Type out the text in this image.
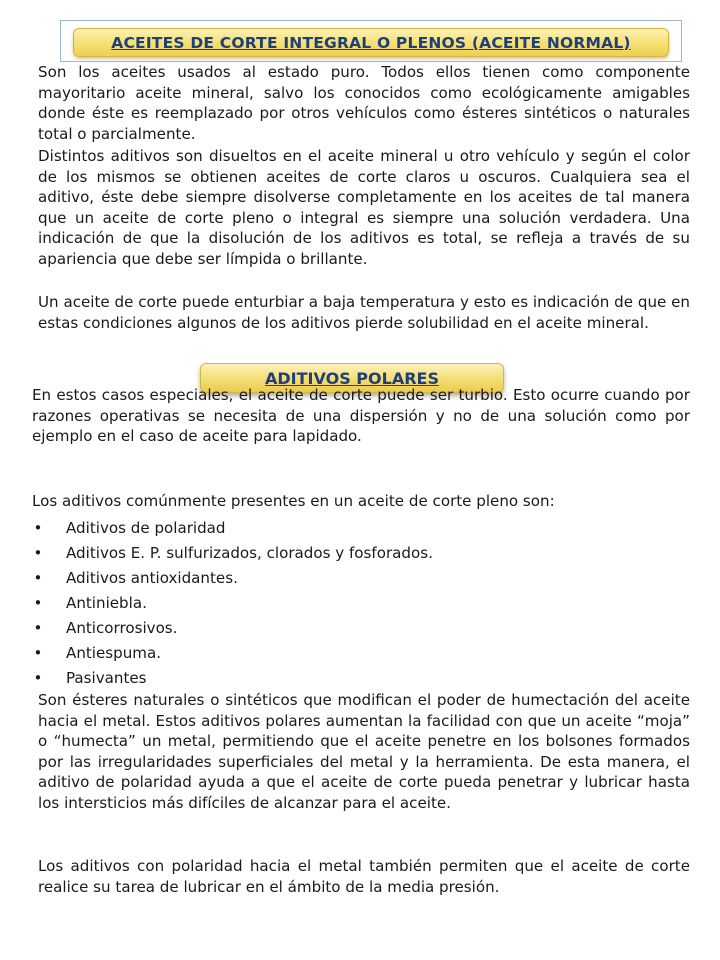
ACEITES DE CORTE INTEGRAL O PLENOS (ACEITE NORMAL)

Son los aceites usados al estado puro. Todos ellos tienen como componente mayoritario aceite mineral, salvo los conocidos como ecológicamente amigables donde éste es reemplazado por otros vehículos como ésteres sintéticos o naturales total o parcialmente.

Distintos aditivos son disueltos en el aceite mineral u otro vehículo y según el color de los mismos se obtienen aceites de corte claros u oscuros. Cualquiera sea el aditivo, éste debe siempre disolverse completamente en los aceites de tal manera que un aceite de corte pleno o integral es siempre una solución verdadera. Una indicación de que la disolución de los aditivos es total, se refleja a través de su apariencia que debe ser límpida o brillante.

Un aceite de corte puede enturbiar a baja temperatura y esto es indicación de que en estas condiciones algunos de los aditivos pierde solubilidad en el aceite mineral.

ADITIVOS POLARES

En estos casos especiales, el aceite de corte puede ser turbio. Esto ocurre cuando por razones operativas se necesita de una dispersión y no de una solución como por ejemplo en el caso de aceite para lapidado.

Los aditivos comúnmente presentes en un aceite de corte pleno son:

• Aditivos de polaridad
• Aditivos E. P. sulfurizados, clorados y fosforados.
• Aditivos antioxidantes.
• Antiniebla.
• Anticorrosivos.
• Antiespuma.
• Pasivantes

Son ésteres naturales o sintéticos que modifican el poder de humectación del aceite hacia el metal. Estos aditivos polares aumentan la facilidad con que un aceite “moja” o “humecta” un metal, permitiendo que el aceite penetre en los bolsones formados por las irregularidades superficiales del metal y la herramienta. De esta manera, el aditivo de polaridad ayuda a que el aceite de corte pueda penetrar y lubricar hasta los intersticios más difíciles de alcanzar para el aceite.

Los aditivos con polaridad hacia el metal también permiten que el aceite de corte realice su tarea de lubricar en el ámbito de la media presión.
